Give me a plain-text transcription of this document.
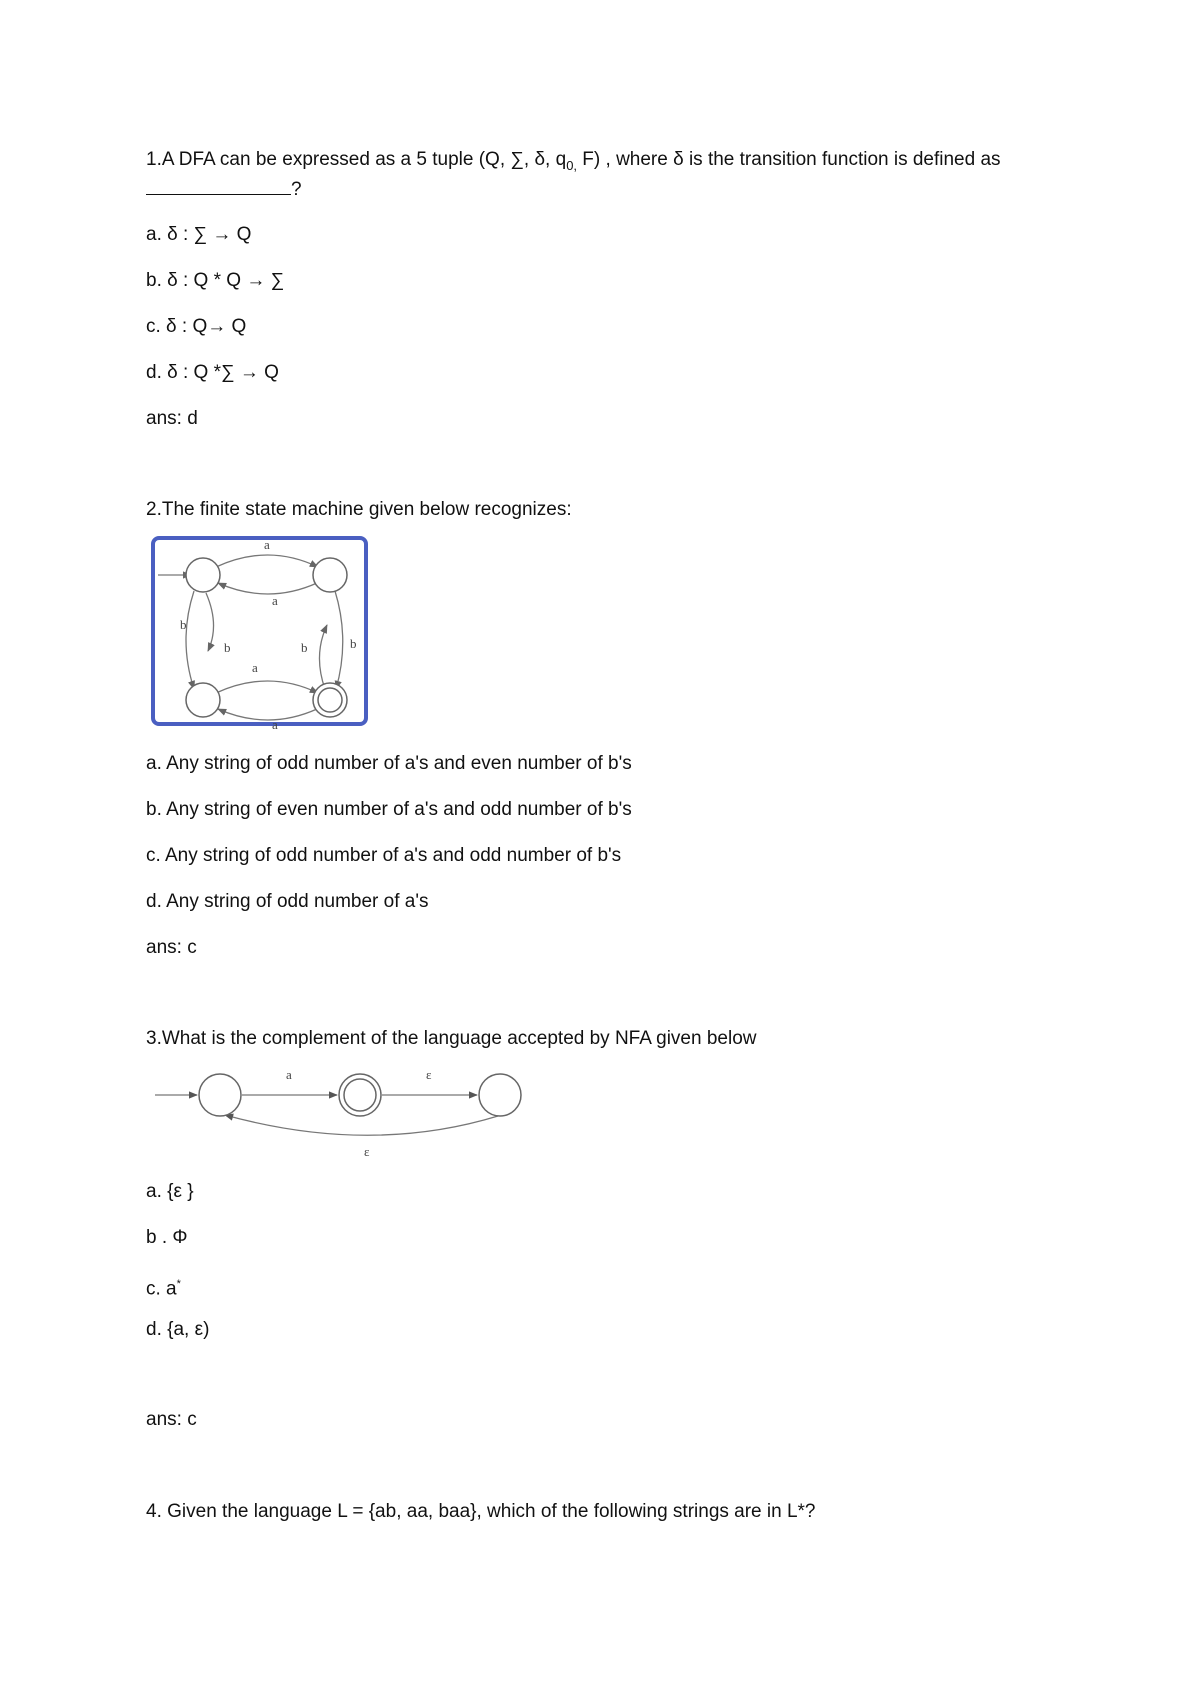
1.A DFA can be expressed as a 5 tuple (Q, ∑, δ, $q_{0,}$ F) , where δ is the transition function is defined as
?
a. δ : ∑ → Q
b. δ : Q * Q → ∑
c. δ : Q→ Q
d. δ : Q *∑ → Q
ans: d
2.The finite state machine given below recognizes:
a
a
b
b	b	b
a
a
a. Any string of odd number of a's and even number of b's
b. Any string of even number of a's and odd number of b's
c. Any string of odd number of a's and odd number of b's
d. Any string of odd number of a's
ans: c
3.What is the complement of the language accepted by NFA given below
a	ε
ε
a. {ε }
b . Φ
c. a*
d. {a, ε)
ans: c
4. Given the language L = {ab, aa, baa}, which of the following strings are in L*?
